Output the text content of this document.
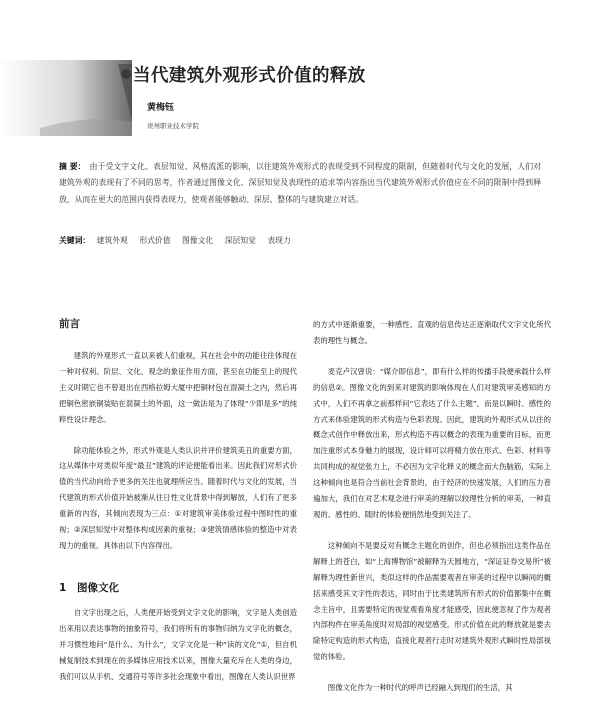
当代建筑外观形式价值的释放
黄梅钰
贵州职业技术学院
摘 要： 由于受文字文化、表层知觉、风格流派的影响，以往建筑外观形式的表现受到不同程度的限制，但随着时代与文化的发展，人们对建筑外观的表现有了不同的思考，作者通过图像文化、深层知觉及表现性的追求等内容指出当代建筑外观形式价值应在不同的限制中得到释放，从而在更大的范围内获得表现力，使观者能够触动、深层、整体的与建筑建立对话。
关键词： 建筑外观 形式价值 图像文化 深层知觉 表现力
前言

建筑的外观形式一直以来被人们重视，其在社会中的功能往往体现在一种对权利、阶层、文化、观念的象征作用方面，甚至在功能至上的现代主义时期它也不曾退出在西格拉姆大厦中把铜材包在混凝土之内，然后再把铜色密嵌铜装贴在混凝土的外面，这一做法是为了体现“少即是多”的纯粹性设计理念。

除功能体验之外，形式外观是人类认识并评价建筑美丑的重要方面，这从媒体中对类似年度“最丑”建筑的评论便能看出来。因此我们对形式价值的当代动向给予更多的关注也就理所应当。随着时代与文化的发展，当代建筑的形式价值开始被渐从往日性文化背景中得到解放，人们有了更多重新的内容，其倾向表现为三点：①对建筑审美体验过程中图时性的重视；②深层知觉中对整体构成因素的重视；③建筑情感体验的整造中对表现力的重视。具体由以下内容得出。

1 图像文化

自文字出现之后，人类便开始受到文字文化的影响，文字是人类创造出来用以表达事物的抽象符号，我们将所有的事物归纳为文字化的概念，并习惯性地问“是什么、为什么”，文字文化是一种“读的文化”①，但自机械复制技术到现在的多媒体应用技术以来，图像大量充斥在人类的身边，我们可以从手机、交通符号等许多社会现象中看出，图像在人类认识世界

的方式中逐渐重要，一种感性、直观的信息传达正逐渐取代文字文化所代表的理性与概念。

麦克卢汉曾说：“媒介即信息”，即有什么样的传播手段便承载什么样的信息②。图像文化的到来对建筑的影响体现在人们对建筑审美感知的方式中，人们不再拿之前那样问“它表达了什么主题”，而是以瞬时、感性的方式来体验建筑的形式构造与色彩表现。因此，建筑的外观形式从以往的概念式创作中释放出来，形式构造不再以概念的表现为重要的目标，而更加注重形式本身魅力的展现，设计师可以将精力放在形式、色彩、材料等共同构成的视觉张力上，不必因为文字化释义的概念而大伤脑筋，实际上这种倾向也是符合当前社会背景的，由于经济的快速发展，人们的压力普遍加大，我们在对艺术观念进行审美的理解以较理性分析的审美，一种直观的、感性的、随时的体验便悄然地受到关注了。

这种倾向不是要反对有概念主题化的创作，但也必须指出这类作品在解释上的苍白，如“上海博物馆”被解释为天圆地方，“深证证券交易所”被解释为理性新世兴，类似这样的作品需要观者在审美的过程中以瞬间的概括来感受其文字性的表达，同时由于比类建筑所有形式的价值都集中在概念主旨中，且需要特定的视觉观看角度才能感受，因此便忽视了作为观者内部构件在审美角度时对局部的视觉感受。形式价值在此的释放就是要去除特定构造的形式构造，直接化观者行走时对建筑外观形式瞬时性局部视觉的体验。

图像文化作为一种时代的呼声已经融入到现们的生活，其
